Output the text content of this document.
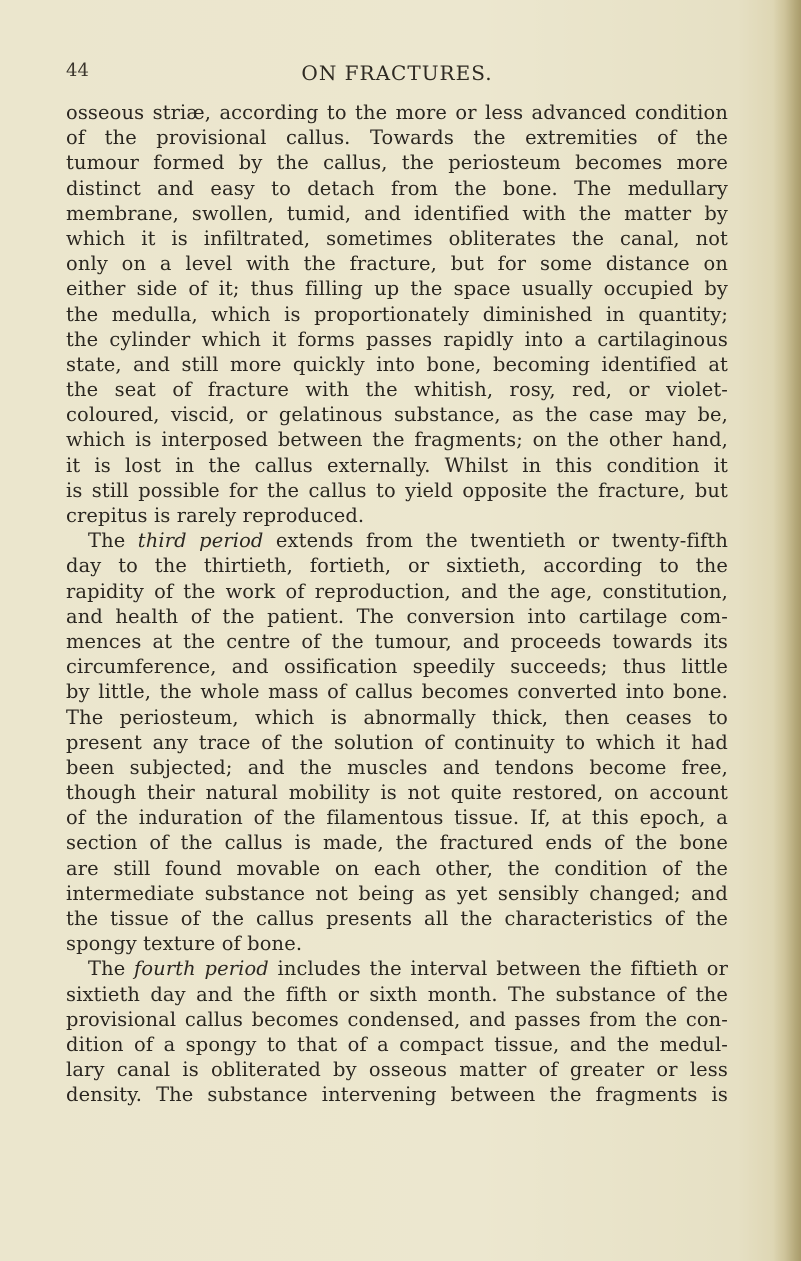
44	ON FRACTURES.
osseous striæ, according to the more or less advanced condition
of the provisional callus. Towards the extremities of the
tumour formed by the callus, the periosteum becomes more
distinct and easy to detach from the bone. The medullary
membrane, swollen, tumid, and identified with the matter by
which it is infiltrated, sometimes obliterates the canal, not
only on a level with the fracture, but for some distance on
either side of it; thus filling up the space usually occupied by
the medulla, which is proportionately diminished in quantity;
the cylinder which it forms passes rapidly into a cartilaginous
state, and still more quickly into bone, becoming identified at
the seat of fracture with the whitish, rosy, red, or violet-
coloured, viscid, or gelatinous substance, as the case may be,
which is interposed between the fragments; on the other hand,
it is lost in the callus externally. Whilst in this condition it
is still possible for the callus to yield opposite the fracture, but
crepitus is rarely reproduced.
The third period extends from the twentieth or twenty-fifth
day to the thirtieth, fortieth, or sixtieth, according to the
rapidity of the work of reproduction, and the age, constitution,
and health of the patient. The conversion into cartilage com-
mences at the centre of the tumour, and proceeds towards its
circumference, and ossification speedily succeeds; thus little
by little, the whole mass of callus becomes converted into bone.
The periosteum, which is abnormally thick, then ceases to
present any trace of the solution of continuity to which it had
been subjected; and the muscles and tendons become free,
though their natural mobility is not quite restored, on account
of the induration of the filamentous tissue. If, at this epoch, a
section of the callus is made, the fractured ends of the bone
are still found movable on each other, the condition of the
intermediate substance not being as yet sensibly changed; and
the tissue of the callus presents all the characteristics of the
spongy texture of bone.
The fourth period includes the interval between the fiftieth or
sixtieth day and the fifth or sixth month. The substance of the
provisional callus becomes condensed, and passes from the con-
dition of a spongy to that of a compact tissue, and the medul-
lary canal is obliterated by osseous matter of greater or less
density. The substance intervening between the fragments is
